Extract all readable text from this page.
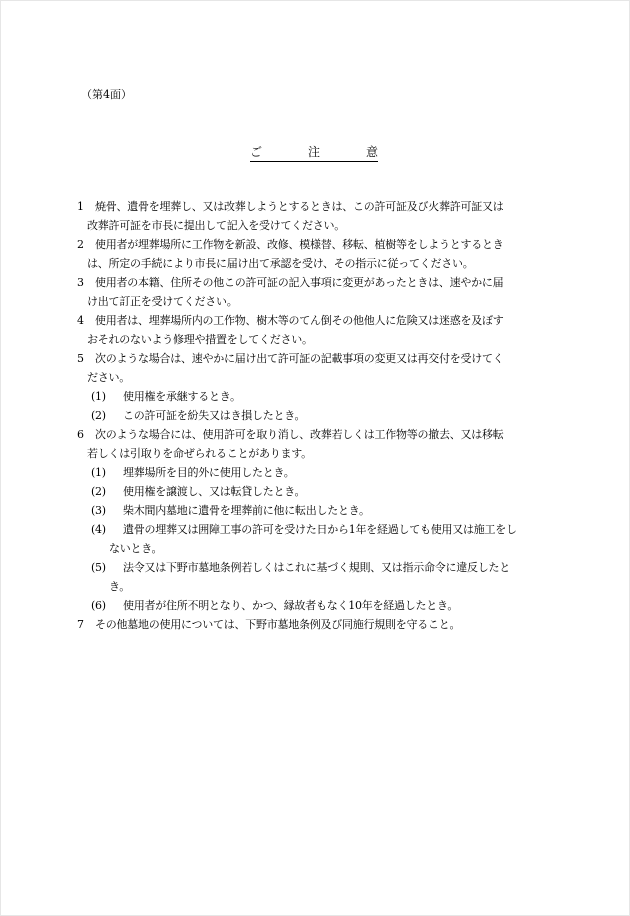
（第4面）
ご	注	意
1 焼骨、遺骨を埋葬し、又は改葬しようとするときは、この許可証及び火葬許可証又は
改葬許可証を市長に提出して記入を受けてください。
2 使用者が埋葬場所に工作物を新設、改修、模様替、移転、植樹等をしようとするとき
は、所定の手続により市長に届け出て承認を受け、その指示に従ってください。
3 使用者の本籍、住所その他この許可証の記入事項に変更があったときは、速やかに届
け出て訂正を受けてください。
4 使用者は、埋葬場所内の工作物、樹木等のてん倒その他他人に危険又は迷惑を及ぼす
おそれのないよう修理や措置をしてください。
5 次のような場合は、速やかに届け出て許可証の記載事項の変更又は再交付を受けてく
ださい。
(1) 使用権を承継するとき。
(2) この許可証を紛失又はき損したとき。
6 次のような場合には、使用許可を取り消し、改葬若しくは工作物等の撤去、又は移転
若しくは引取りを命ぜられることがあります。
(1) 埋葬場所を目的外に使用したとき。
(2) 使用権を譲渡し、又は転貸したとき。
(3) 柴木間内墓地に遺骨を埋葬前に他に転出したとき。
(4) 遺骨の埋葬又は囲障工事の許可を受けた日から1年を経過しても使用又は施工をし
ないとき。
(5) 法令又は下野市墓地条例若しくはこれに基づく規則、又は指示命令に違反したと
き。
(6) 使用者が住所不明となり、かつ、縁故者もなく10年を経過したとき。
7 その他墓地の使用については、下野市墓地条例及び同施行規則を守ること。
